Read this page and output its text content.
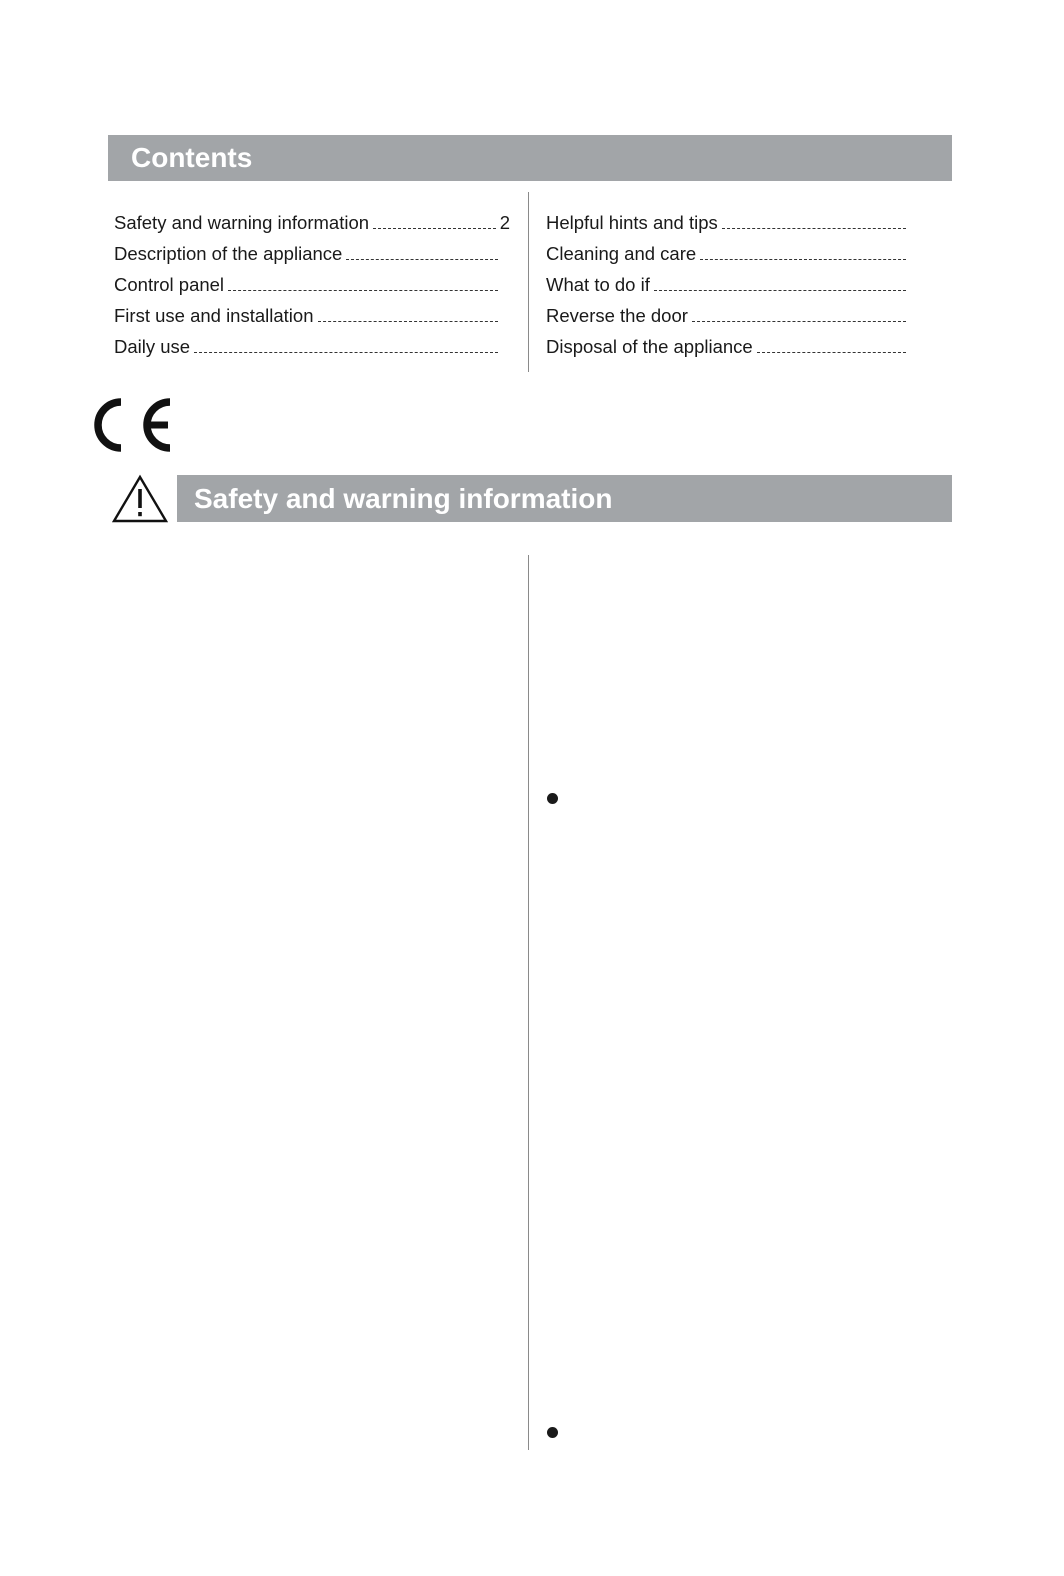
Contents
Safety and warning information	2
Description of the appliance
Control panel
First use and installation
Daily use
Helpful hints and tips
Cleaning and care
What to do if
Reverse the door
Disposal of the appliance
Safety and warning information
